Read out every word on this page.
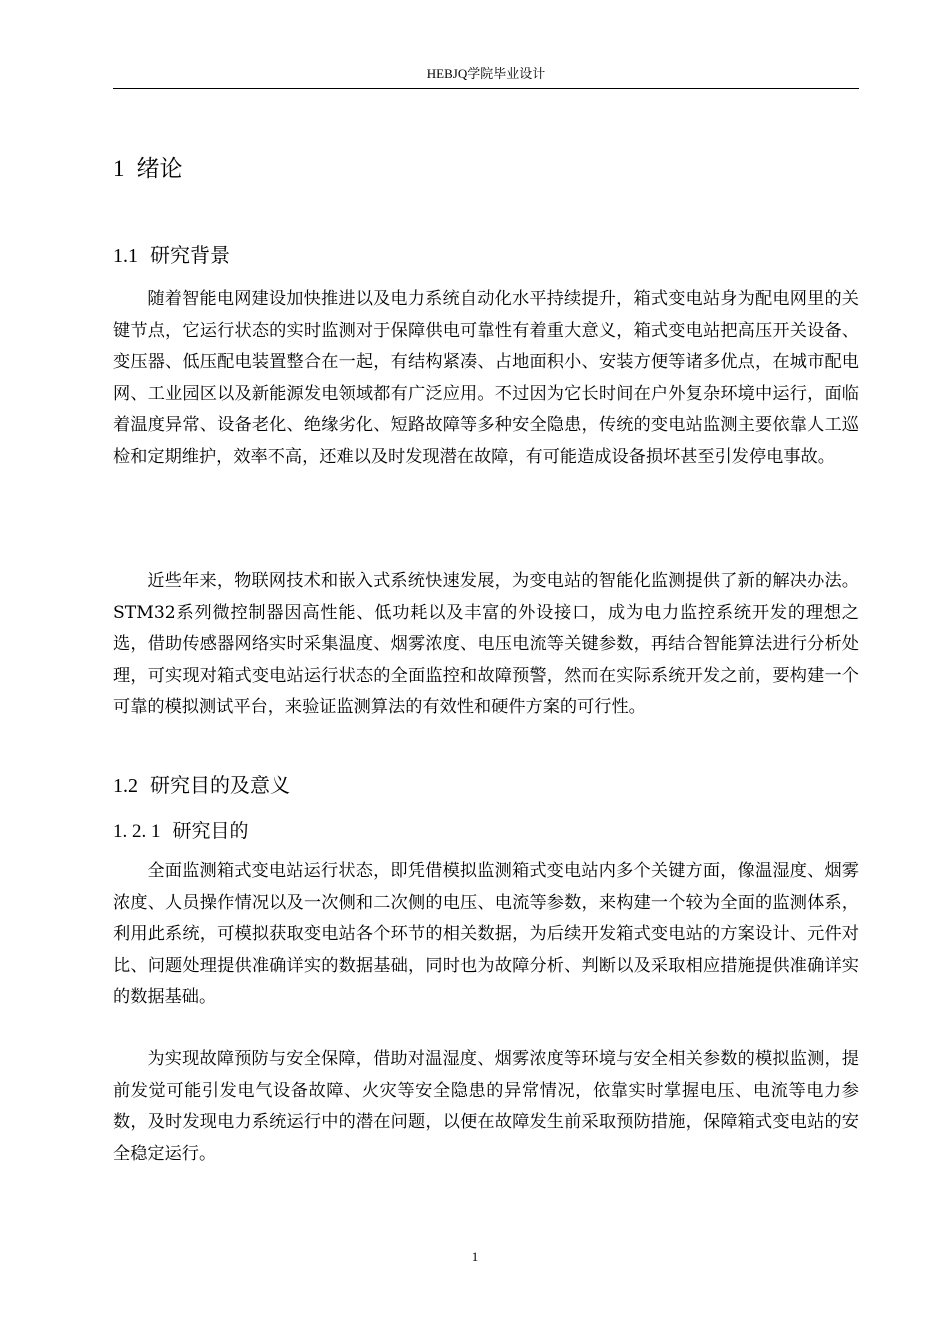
HEBJQ学院毕业设计
1 绪论
1.1 研究背景

随着智能电网建设加快推进以及电力系统自动化水平持续提升，箱式变电站身为配电网里的关键节点，它运行状态的实时监测对于保障供电可靠性有着重大意义，箱式变电站把高压开关设备、变压器、低压配电装置整合在一起，有结构紧凑、占地面积小、安装方便等诸多优点，在城市配电网、工业园区以及新能源发电领域都有广泛应用。不过因为它长时间在户外复杂环境中运行，面临着温度异常、设备老化、绝缘劣化、短路故障等多种安全隐患，传统的变电站监测主要依靠人工巡检和定期维护，效率不高，还难以及时发现潜在故障，有可能造成设备损坏甚至引发停电事故。

近些年来，物联网技术和嵌入式系统快速发展，为变电站的智能化监测提供了新的解决办法。STM32系列微控制器因高性能、低功耗以及丰富的外设接口，成为电力监控系统开发的理想之选，借助传感器网络实时采集温度、烟雾浓度、电压电流等关键参数，再结合智能算法进行分析处理，可实现对箱式变电站运行状态的全面监控和故障预警，然而在实际系统开发之前，要构建一个可靠的模拟测试平台，来验证监测算法的有效性和硬件方案的可行性。

1.2 研究目的及意义
1. 2. 1 研究目的

全面监测箱式变电站运行状态，即凭借模拟监测箱式变电站内多个关键方面，像温湿度、烟雾浓度、人员操作情况以及一次侧和二次侧的电压、电流等参数，来构建一个较为全面的监测体系，利用此系统，可模拟获取变电站各个环节的相关数据，为后续开发箱式变电站的方案设计、元件对比、问题处理提供准确详实的数据基础，同时也为故障分析、判断以及采取相应措施提供准确详实的数据基础。

为实现故障预防与安全保障，借助对温湿度、烟雾浓度等环境与安全相关参数的模拟监测，提前发觉可能引发电气设备故障、火灾等安全隐患的异常情况，依靠实时掌握电压、电流等电力参数，及时发现电力系统运行中的潜在问题，以便在故障发生前采取预防措施，保障箱式变电站的安全稳定运行。

1
